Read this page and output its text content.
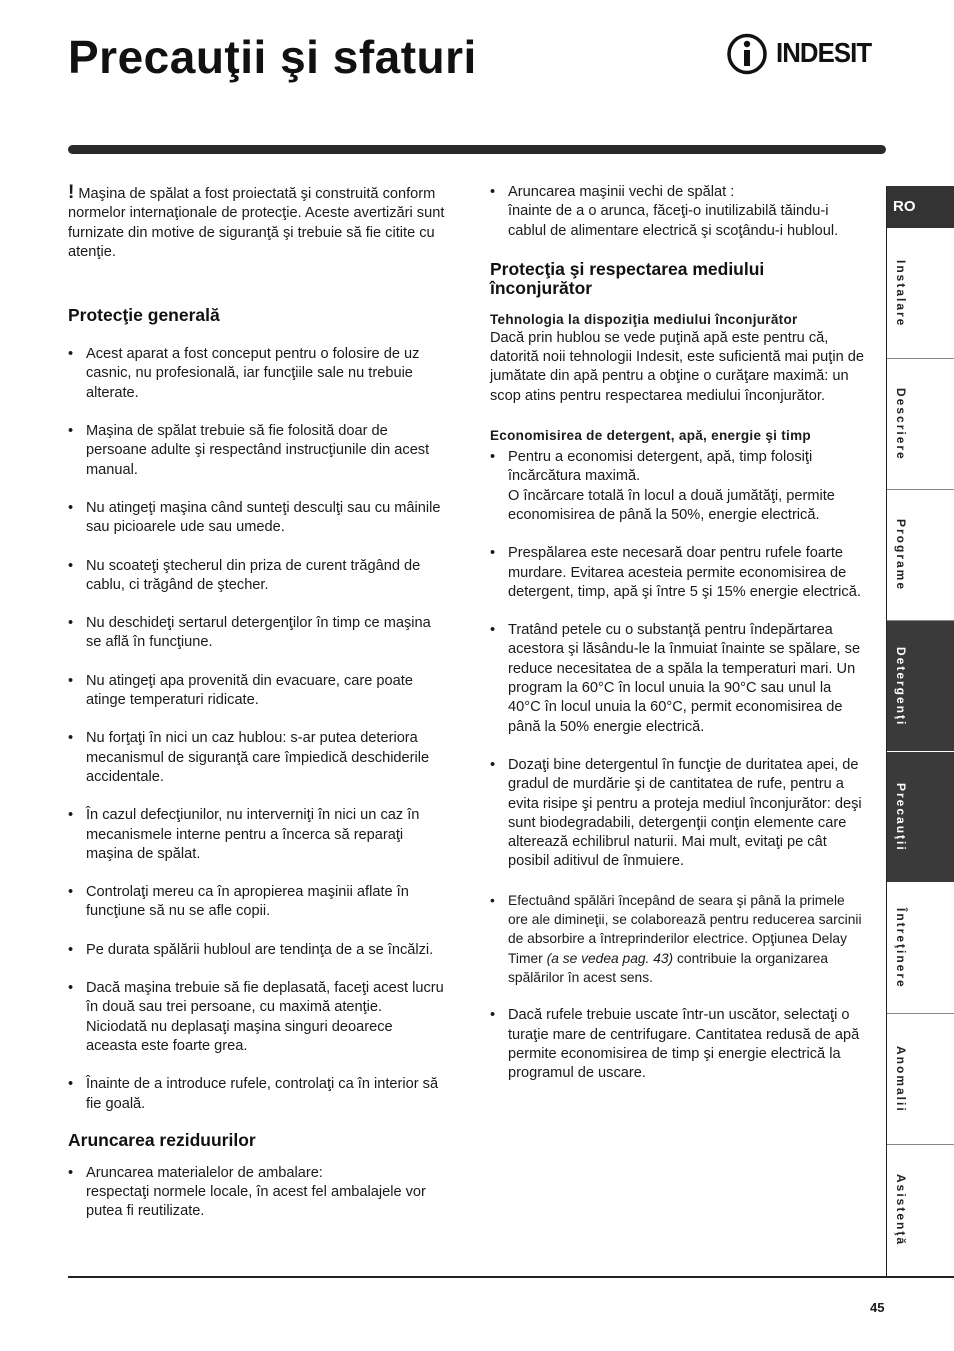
Precauţii şi sfaturi	INDESIT

! Maşina de spălat a fost proiectată şi construită conform normelor internaţionale de protecţie. Aceste avertizări sunt furnizate din motive de siguranţă şi trebuie să fie citite cu atenţie.

Protecţie generală
• Acest aparat a fost conceput pentru o folosire de uz casnic, nu profesională, iar funcţiile sale nu trebuie alterate.
• Maşina de spălat trebuie să fie folosită doar de persoane adulte şi respectând instrucţiunile din acest manual.
• Nu atingeţi maşina când sunteţi desculţi sau cu mâinile sau picioarele ude sau umede.
• Nu scoateţi ştecherul din priza de curent trăgând de cablu, ci trăgând de ştecher.
• Nu deschideţi sertarul detergenţilor în timp ce maşina se află în funcţiune.
• Nu atingeţi apa provenită din evacuare, care poate atinge temperaturi ridicate.
• Nu forţaţi în nici un caz hublou: s-ar putea deteriora mecanismul de siguranţă care împiedică deschiderile accidentale.
• În cazul defecţiunilor, nu interverniţi în nici un caz în mecanismele interne pentru a încerca să reparaţi maşina de spălat.
• Controlaţi mereu ca în apropierea maşinii aflate în funcţiune să nu se afle copii.
• Pe durata spălării hubloul are tendinţa de a se încălzi.
• Dacă maşina trebuie să fie deplasată, faceţi acest lucru în două sau trei persoane, cu maximă atenţie. Niciodată nu deplasaţi maşina singuri deoarece aceasta este foarte grea.
• Înainte de a introduce rufele, controlaţi ca în interior să fie goală.
Aruncarea reziduurilor
• Aruncarea materialelor de ambalare:
respectaţi normele locale, în acest fel ambalajele vor putea fi reutilizate.
• Aruncarea maşinii vechi de spălat :
înainte de a o arunca, făceţi-o inutilizabilă tăindu-i cablul de alimentare electrică şi scoţându-i hubloul.
Protecţia şi respectarea mediului înconjurător
Tehnologia la dispoziţia mediului înconjurător

Dacă prin hublou se vede puţină apă este pentru că, datorită noii tehnologii Indesit, este suficientă mai puţin de jumătate din apă pentru a obţine o curăţare maximă: un scop atins pentru respectarea mediului înconjurător.

Economisirea de detergent, apă, energie şi timp
• Pentru a economisi detergent, apă, timp folosiţi încărcătura maximă.
O încărcare totală în locul a două jumătăţi, permite economisirea de până la 50%, energie electrică.
• Prespălarea este necesară doar pentru rufele foarte murdare. Evitarea acesteia permite economisirea de detergent, timp, apă şi între 5 şi 15% energie electrică.
• Tratând petele cu o substanţă pentru îndepărtarea acestora şi lăsându-le la înmuiat înainte se spălare, se reduce necesitatea de a spăla la temperaturi mari. Un program la 60°C în locul unuia la 90°C sau unul la 40°C în locul unuia la 60°C, permit economisirea de până la 50% energie electrică.
• Dozaţi bine detergentul în funcţie de duritatea apei, de gradul de murdărie şi de cantitatea de rufe, pentru a evita risipe şi pentru a proteja mediul înconjurător: deşi sunt biodegradabili, detergenţii conţin elemente care alterează echilibrul naturii. Mai mult, evitaţi pe cât posibil aditivul de înmuiere.
• Efectuând spălări începând de seara şi până la primele ore ale dimineţii, se colaborează pentru reducerea sarcinii de absorbire a întreprinderilor electrice. Opţiunea Delay Timer (a se vedea pag. 43) contribuie la organizarea spălărilor în acest sens.
• Dacă rufele trebuie uscate într-un uscător, selectaţi o turaţie mare de centrifugare. Cantitatea redusă de apă permite economisirea de timp şi energie electrică la programul de uscare.
RO
Instalare
Descriere
Programe
Detergenţi
Precauţii
Întreţinere
Anomalii
Asistenţă
45
